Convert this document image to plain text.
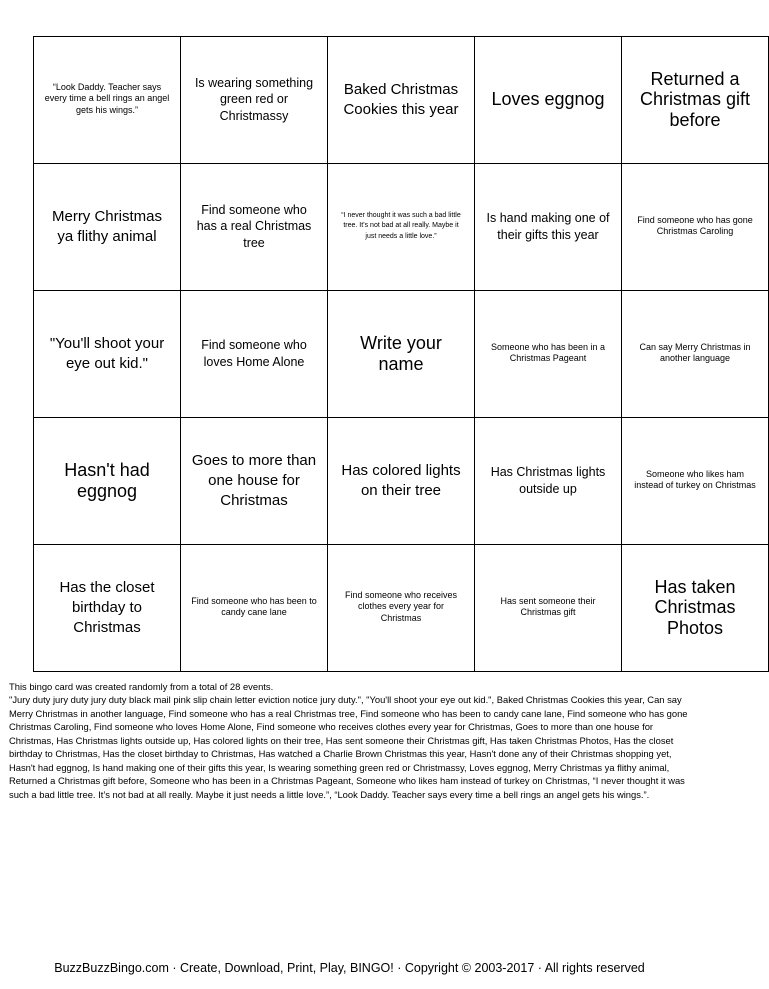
“Look Daddy. Teacher says every time a bell rings an angel gets his wings.”	Is wearing something green red or Christmassy	Baked Christmas Cookies this year	Loves eggnog	Returned a Christmas gift before
Merry Christmas ya flithy animal	Find someone who has a real Christmas tree	“I never thought it was such a bad little tree. It’s not bad at all really. Maybe it just needs a little love.”	Is hand making one of their gifts this year	Find someone who has gone Christmas Caroling
"You'll shoot your eye out kid."	Find someone who loves Home Alone	Write your name	Someone who has been in a Christmas Pageant	Can say Merry Christmas in another language
Hasn't had eggnog	Goes to more than one house for Christmas	Has colored lights on their tree	Has Christmas lights outside up	Someone who likes ham instead of turkey on Christmas
Has the closet birthday to Christmas	Find someone who has been to candy cane lane	Find someone who receives clothes every year for Christmas	Has sent someone their Christmas gift	Has taken Christmas Photos

This bingo card was created randomly from a total of 28 events.

"Jury duty jury duty jury duty black mail pink slip chain letter eviction notice jury duty.", "You'll shoot your eye out kid.", Baked Christmas Cookies this year, Can say Merry Christmas in another language, Find someone who has a real Christmas tree, Find someone who has been to candy cane lane, Find someone who has gone Christmas Caroling, Find someone who loves Home Alone, Find someone who receives clothes every year for Christmas, Goes to more than one house for Christmas, Has Christmas lights outside up, Has colored lights on their tree, Has sent someone their Christmas gift, Has taken Christmas Photos, Has the closet birthday to Christmas, Has the closet birthday to Christmas, Has watched a Charlie Brown Christmas this year, Hasn't done any of their Christmas shopping yet, Hasn't had eggnog, Is hand making one of their gifts this year, Is wearing something green red or Christmassy, Loves eggnog, Merry Christmas ya flithy animal, Returned a Christmas gift before, Someone who has been in a Christmas Pageant, Someone who likes ham instead of turkey on Christmas, “I never thought it was such a bad little tree. It’s not bad at all really. Maybe it just needs a little love.”, “Look Daddy. Teacher says every time a bell rings an angel gets his wings.”.

BuzzBuzzBingo.com · Create, Download, Print, Play, BINGO! · Copyright © 2003-2017 · All rights reserved
